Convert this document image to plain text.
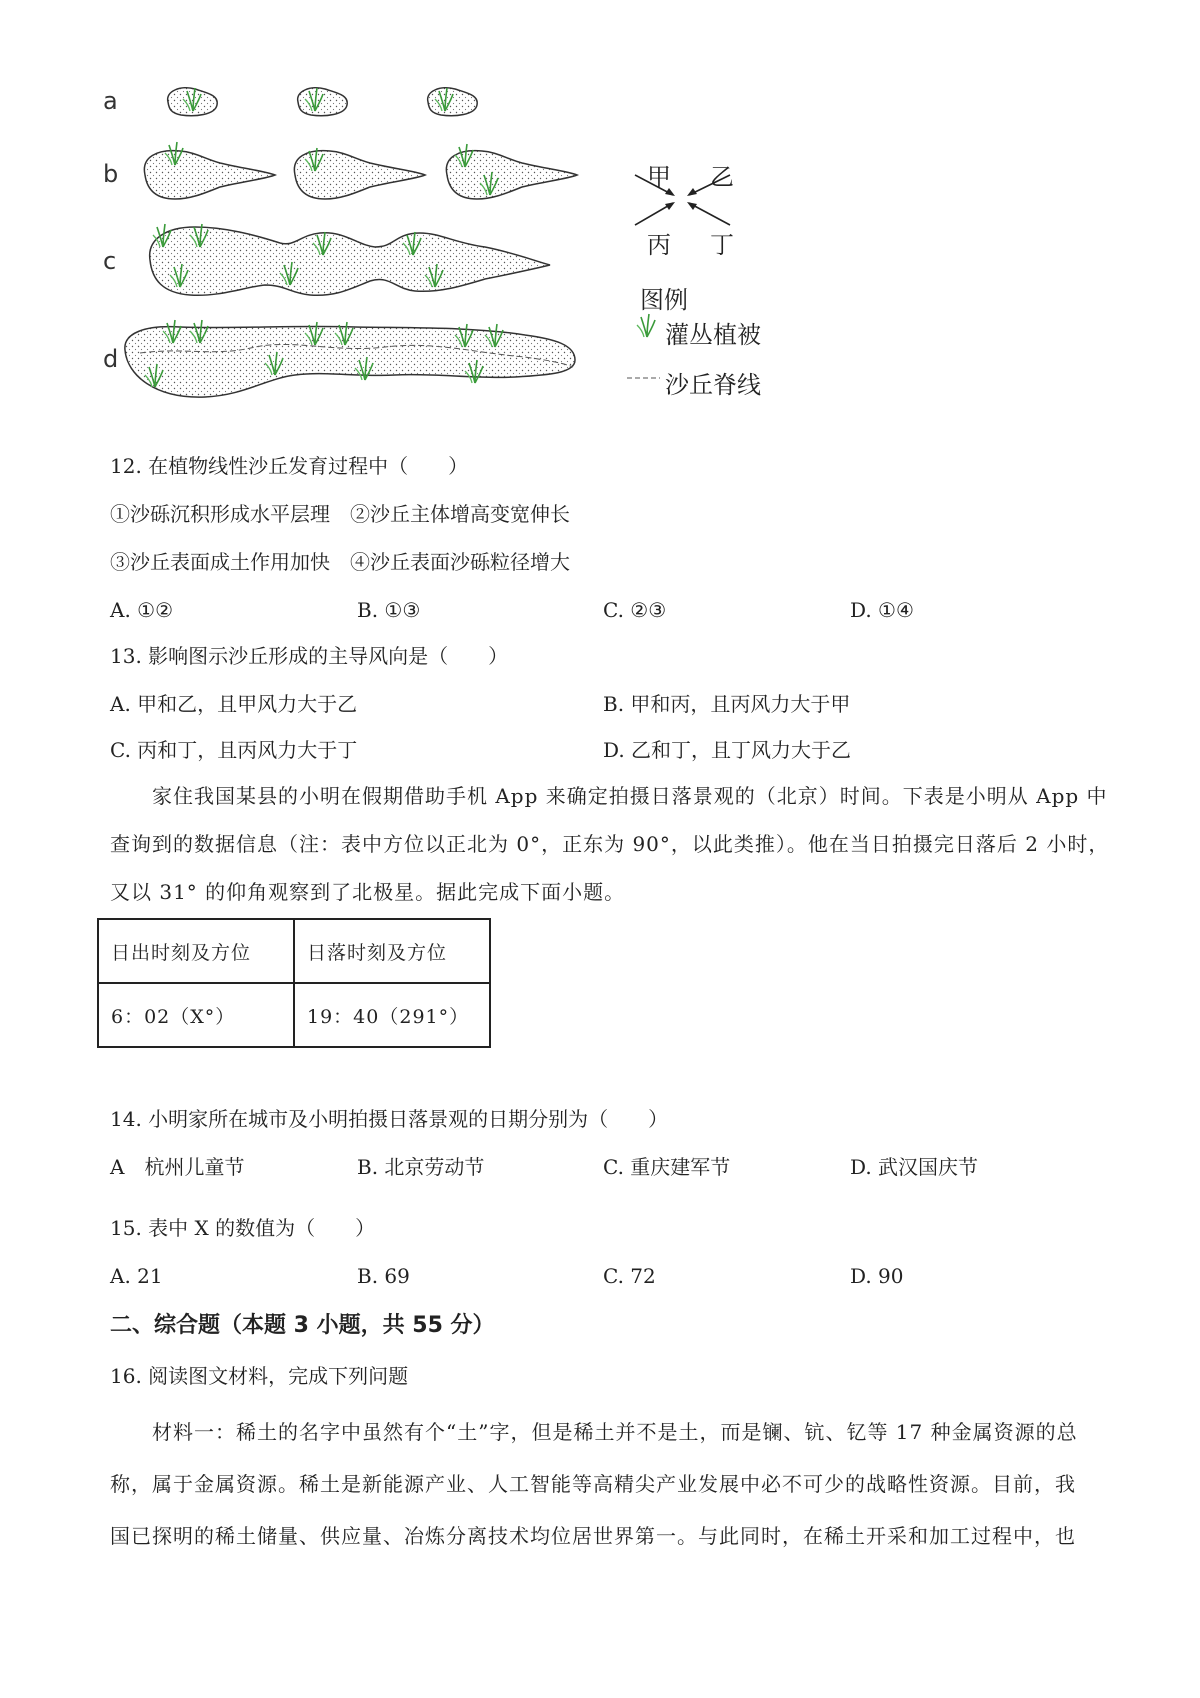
a
b
c
d
甲 乙
丙 丁
图例
灌丛植被
沙丘脊线
12. 在植物线性沙丘发育过程中（　　）
①沙砾沉积形成水平层理　②沙丘主体增高变宽伸长
③沙丘表面成土作用加快　④沙丘表面沙砾粒径增大
A. ①②	B. ①③	C. ②③	D. ①④
13. 影响图示沙丘形成的主导风向是（　　）
A. 甲和乙，且甲风力大于乙	B. 甲和丙，且丙风力大于甲
C. 丙和丁，且丙风力大于丁	D. 乙和丁，且丁风力大于乙
　　家住我国某县的小明在假期借助手机 App 来确定拍摄日落景观的（北京）时间。下表是小明从 App 中
查询到的数据信息（注：表中方位以正北为 0°，正东为 90°，以此类推）。他在当日拍摄完日落后 2 小时，
又以 31° 的仰角观察到了北极星。据此完成下面小题。
日出时刻及方位	日落时刻及方位
6：02（X°）	19：40（291°）
14. 小明家所在城市及小明拍摄日落景观的日期分别为（　　）
A　杭州儿童节	B. 北京劳动节	C. 重庆建军节	D. 武汉国庆节
15. 表中 X 的数值为（　　）
A. 21	B. 69	C. 72	D. 90
二、综合题（本题 3 小题，共 55 分）
16. 阅读图文材料，完成下列问题
　　材料一：稀土的名字中虽然有个“土”字，但是稀土并不是土，而是镧、钪、钇等 17 种金属资源的总
称，属于金属资源。稀土是新能源产业、人工智能等高精尖产业发展中必不可少的战略性资源。目前，我
国已探明的稀土储量、供应量、冶炼分离技术均位居世界第一。与此同时，在稀土开采和加工过程中，也
